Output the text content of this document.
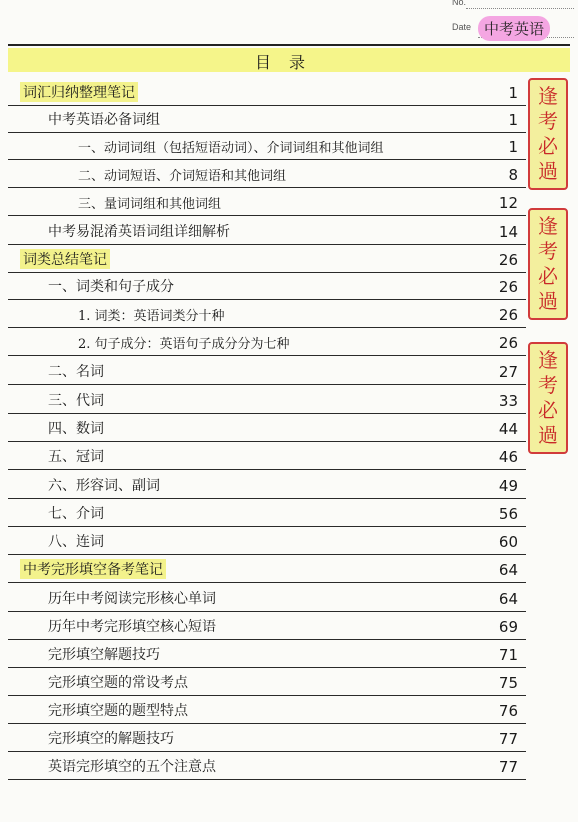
No.
Date 中考英语
目录
词汇归纳整理笔记	1
中考英语必备词组	1
一、动词词组（包括短语动词）、介词词组和其他词组	1
二、动词短语、介词短语和其他词组	8
三、量词词组和其他词组	12
中考易混淆英语词组详细解析	14
词类总结笔记	26
一、词类和句子成分	26
1. 词类：英语词类分十种	26
2. 句子成分：英语句子成分分为七种	26
二、名词	27
三、代词	33
四、数词	44
五、冠词	46
六、形容词、副词	49
七、介词	56
八、连词	60
中考完形填空备考笔记	64
历年中考阅读完形核心单词	64
历年中考完形填空核心短语	69
完形填空解题技巧	71
完形填空题的常设考点	75
完形填空题的题型特点	76
完形填空的解题技巧	77
英语完形填空的五个注意点	77
逢
考
必
過
逢
考
必
過
逢
考
必
過
